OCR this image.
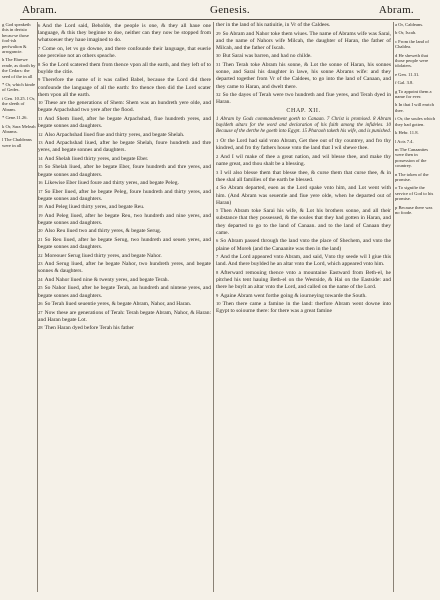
Abram.	Genesis.	Abram.
g God speaketh this in derisio becau-se those fool-ish perfwalion & arrogancie.
h The Ebrewe reade, as dooth by the Cedars: the seed of the in all
* Or, which kinde of Gedes.
i Gen. 10.25. l Or, the sleeth of Abram.
* Gene.11.26.
k Or, Sara Meleah Abrams.
l The Chaldeans were in all
6 And the Lord said, Beholde, the people is one, & they all haue one language, & this they beginne to doe, neither can they now be stopped from whatsoeuer they haue imagined to do.
7 Come on, let vs go downe, and there confounde their language, that euerie one perceiue not an others speache.
8 So the Lord scatered them from thence vpon all the earth, and they left of to buylde the citie.
9 Therefore the name of it was called Babel, because the Lord did there confounde the language of all the earth: fro thence then did the Lord scater them vpon all the earth.
10 These are the generations of Shem: Shem was an hundreth yere olde, and begate Arpachshad two yere after the flood.
11 And Shem liued, after he begate Arpachshad, fiue hundreth yeres, and begate sonnes and daughters.
12 Also Arpachshad liued fiue and thirty yeres, and begate Shelah.
13 And Arpachshad liued, after he begate Shelah, foure hundreth and thre yeres, and begate sonnes and daughters.
14 And Shelah liued thirty yeres, and begate Eber.
15 So Shelah liued, after he begate Eber, foure hundreth and thre yeres, and begate sonnes and daughters.
16 Likewise Eber liued foure and thirty yeres, and begate Peleg.
17 So Eber liued, after he begate Peleg, foure hundreth and thirty yeres, and begate sonnes and daughters.
18 And Peleg liued thirty yeres, and begate Reu.
19 And Peleg liued, after he begate Reu, two hundreth and nine yeres, and begate sonnes and daughters.
20 Also Reu liued two and thirty yeres, & begate Serug.
21 So Reu liued, after he begate Serug, two hundreth and seuen yeres, and begate sonnes and daughters.
22 Moreouer Serug liued thirty yeres, and begate Nahor.
23 And Serug liued, after he begate Nahor, two hundreth yeres, and begate sonnes & daughters.
24 And Nahor liued nine & twenty yeres, and begate Terah.
25 So Nahor liued, after he begate Terah, an hundreth and nintene yeres, and begate sonnes and daughters.
26 So Terah liued seuentie yeres, & begate Abram, Nahor, and Haran.
27 Now these are generations of Terah: Terah begate Abram, Nahor, & Haran: and Haran begate Lot.
28 Then Haran dyed before Terah his father
ther in the land of his natiuitie, in Vr of the Caldees.
29 So Abram and Nahor toke them wiues. The name of Abrams wife was Sarai, and the name of Nahors wife Milcah, the daughter of Haran, the father of Milcah, and the father of Iscah.
30 But Sarai was barren, and had no childe.
31 Then Terah toke Abram his sonne, & Lot the sonne of Haran, his sonnes sonne, and Sarai his daughter in lawe, his sonne Abrams wife: and they departed together from Vr of the Caldees, to go into the land of Canaan, and they came to Haran, and dwelt there.
32 So the dayes of Terah were two hundreth and fiue yeres, and Terah dyed in Haran.
CHAP. XII.
1 Abram by Gods commandement goeth to Canaan. 7 Christ is promised. 8 Abram buyldeth altars for the word and declaration of his faith among the infideles. 10 Because of the derthe he goeth into Egypt. 15 Pharaoh taketh his wife, and is punished.
1 Or the Lord had said vnto Abram, Get thee out of thy countrey, and fro thy kindred, and fro thy fathers house vnto the land that I wil shewe thee.
2 And I wil make of thee a great nation, and wil blesse thee, and make thy name great, and thou shalt be a blessing.
3 I wil also blesse them that blesse thee, & curse them that curse thee, & in thee shal all families of the earth be blessed.
4 So Abram departed, euen as the Lord spake vnto him, and Lot went with him. (And Abram was seuentie and fiue yere olde, when he departed out of Haran)
5 Then Abram toke Sarai his wife, & Lot his brothers sonne, and all their substance that they possessed, & the soules that they had gotten in Haran, and they departed to go to the land of Canaan. and to the land of Canaan they came.
6 So Abram passed through the land vnto the place of Shechem, and vnto the plaine of Moreh (and the Canaanite was then in the land)
7 And the Lord appeared vnto Abram, and said, Vnto thy seede wil I giue this land. And there buylded he an altar vnto the Lord, which appeared vnto him.
8 Afterward remouing thence vnto a mountaine Eastward from Beth-el, he pitched his tent hauing Beth-el on the Westside, & Hai on the Eastside: and there he buylt an altar vnto the Lord, and called on the name of the Lord.
9 Againe Abram went forthe going & iourneying towarde the South.
10 Then there came a famine in the land: therfore Abram went downe into Egypt to soiourne there: for there was a great famine
a Or, Caldeans.
b Or, Iscah.
c From the land of Chaldea.
d He sheweth that those people were idolaters.
e Gen. 11.31.
f Gal. 3.8.
g To appoint them a name for ever.
h In that I will enrich thee.
i Or, the soules which they had gotten.
k Hebr. 11.8.
l Acts 7.4.
m The Canaanites were then in possession of the countrey.
n The token of the promise.
o To signifie the service of God to his promise.
p Because there was no foode.
